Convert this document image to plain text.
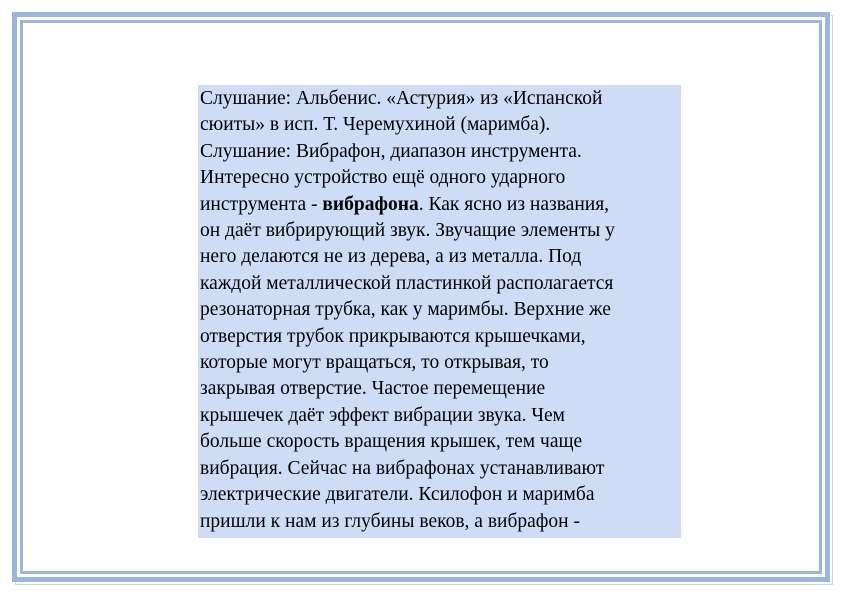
Слушание: Альбенис. «Астурия» из «Испанской
сюиты» в исп. Т. Черемухиной (маримба).
Слушание: Вибрафон, диапазон инструмента.
Интересно устройство ещё одного ударного
инструмента - вибрафона. Как ясно из названия,
он даёт вибрирующий звук. Звучащие элементы у
него делаются не из дерева, а из металла. Под
каждой металлической пластинкой располагается
резонаторная трубка, как у маримбы. Верхние же
отверстия трубок прикрываются крышечками,
которые могут вращаться, то открывая, то
закрывая отверстие. Частое перемещение
крышечек даёт эффект вибрации звука. Чем
больше скорость вращения крышек, тем чаще
вибрация. Сейчас на вибрафонах устанавливают
электрические двигатели. Ксилофон и маримба
пришли к нам из глубины веков, а вибрафон -
